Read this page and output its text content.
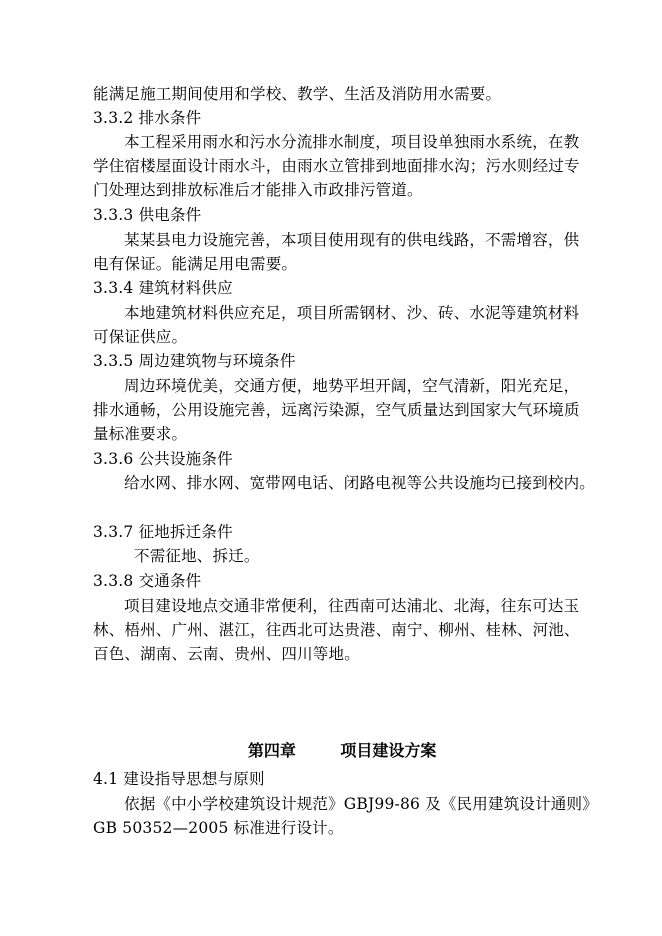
能满足施工期间使用和学校、教学、生活及消防用水需要。
3.3.2 排水条件
本工程采用雨水和污水分流排水制度，项目设单独雨水系统，在教
学住宿楼屋面设计雨水斗，由雨水立管排到地面排水沟；污水则经过专
门处理达到排放标准后才能排入市政排污管道。
3.3.3 供电条件
某某县电力设施完善，本项目使用现有的供电线路，不需增容，供
电有保证。能满足用电需要。
3.3.4 建筑材料供应
本地建筑材料供应充足，项目所需钢材、沙、砖、水泥等建筑材料
可保证供应。
3.3.5 周边建筑物与环境条件
周边环境优美，交通方便，地势平坦开阔，空气清新，阳光充足，
排水通畅，公用设施完善，远离污染源，空气质量达到国家大气环境质
量标准要求。
3.3.6 公共设施条件
给水网、排水网、宽带网电话、闭路电视等公共设施均已接到校内。
3.3.7 征地拆迁条件
不需征地、拆迁。
3.3.8 交通条件
项目建设地点交通非常便利，往西南可达浦北、北海，往东可达玉
林、梧州、广州、湛江，往西北可达贵港、南宁、柳州、桂林、河池、
百色、湖南、云南、贵州、四川等地。

第四章	项目建设方案

4.1 建设指导思想与原则
依据《中小学校建筑设计规范》GBJ99-86 及《民用建筑设计通则》
GB 50352—2005 标准进行设计。
